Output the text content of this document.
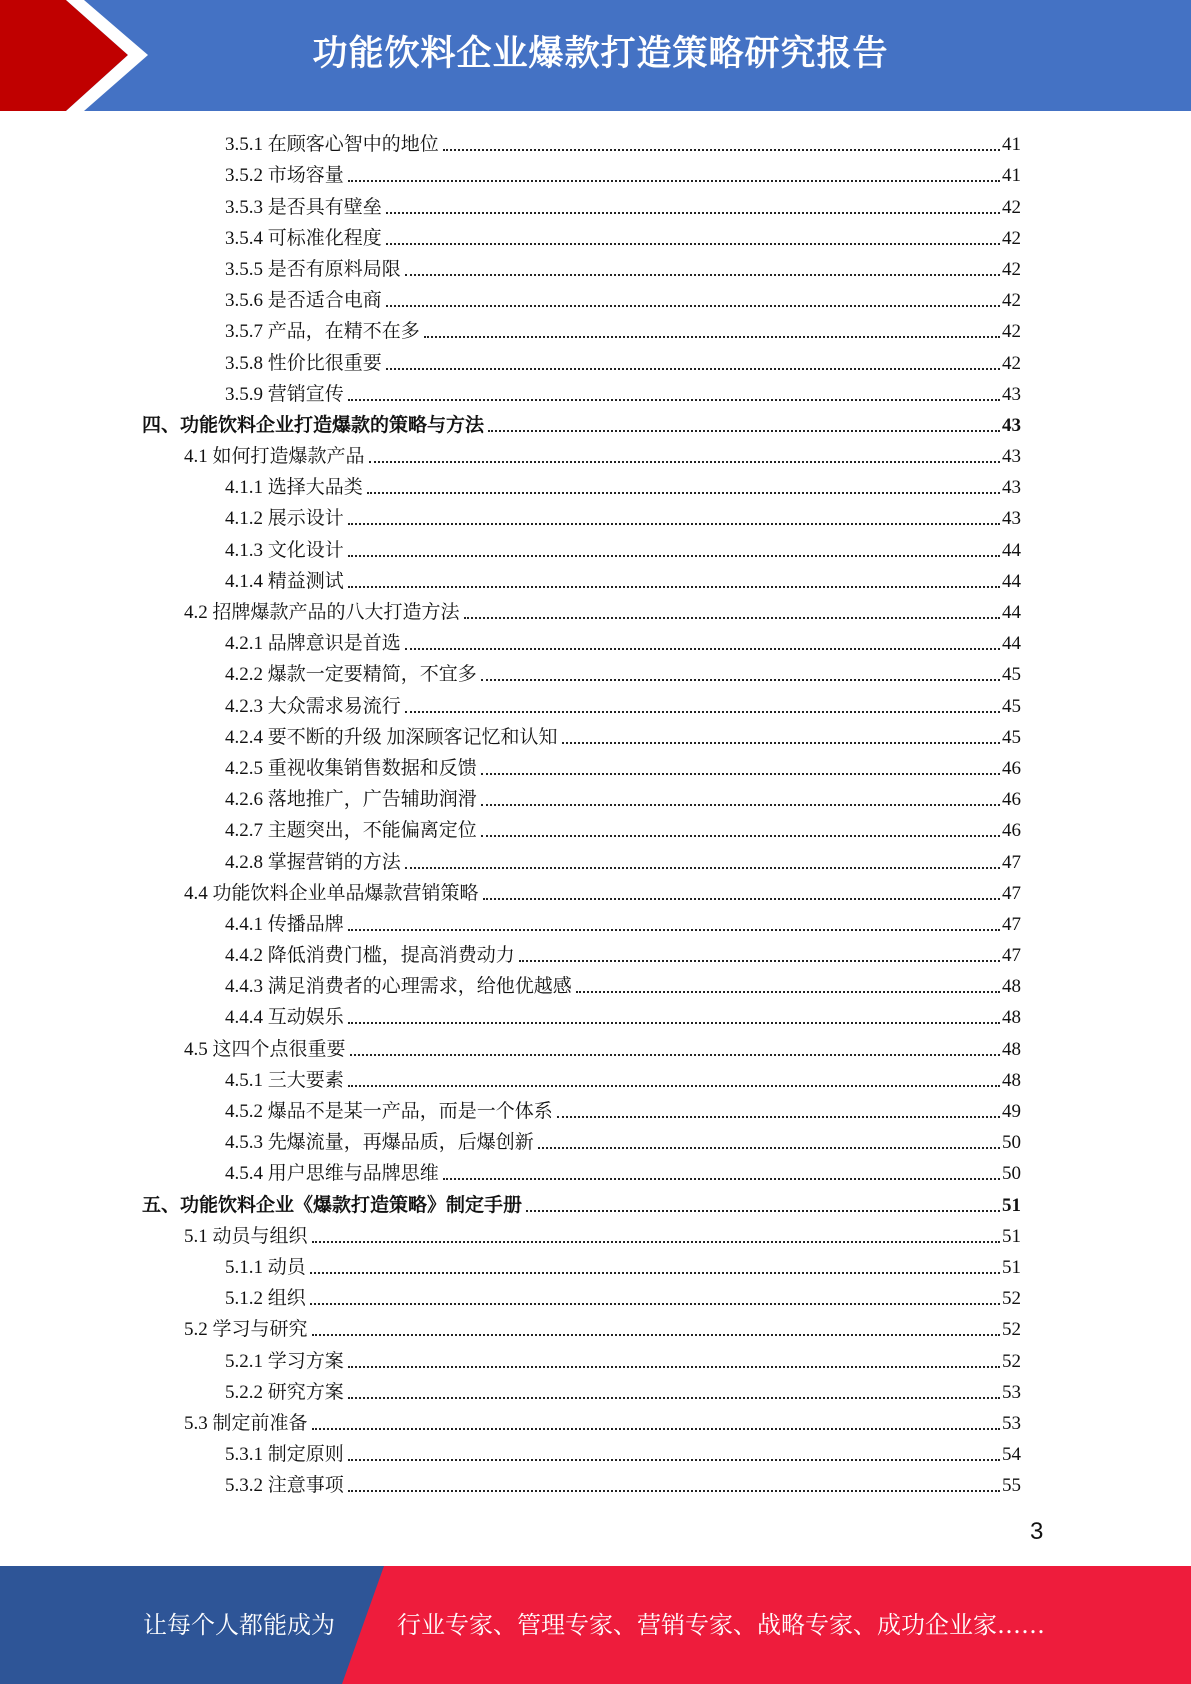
功能饮料企业爆款打造策略研究报告
3.5.1 在顾客心智中的地位	41
3.5.2 市场容量	41
3.5.3 是否具有壁垒	42
3.5.4 可标准化程度	42
3.5.5 是否有原料局限	42
3.5.6 是否适合电商	42
3.5.7 产品，在精不在多	42
3.5.8 性价比很重要	42
3.5.9 营销宣传	43
四、功能饮料企业打造爆款的策略与方法	43
4.1 如何打造爆款产品	43
4.1.1 选择大品类	43
4.1.2 展示设计	43
4.1.3 文化设计	44
4.1.4 精益测试	44
4.2 招牌爆款产品的八大打造方法	44
4.2.1 品牌意识是首选	44
4.2.2 爆款一定要精简，不宜多	45
4.2.3 大众需求易流行	45
4.2.4 要不断的升级 加深顾客记忆和认知	45
4.2.5 重视收集销售数据和反馈	46
4.2.6 落地推广，广告辅助润滑	46
4.2.7 主题突出，不能偏离定位	46
4.2.8 掌握营销的方法	47
4.4 功能饮料企业单品爆款营销策略	47
4.4.1 传播品牌	47
4.4.2 降低消费门槛，提高消费动力	47
4.4.3 满足消费者的心理需求，给他优越感	48
4.4.4 互动娱乐	48
4.5 这四个点很重要	48
4.5.1 三大要素	48
4.5.2 爆品不是某一产品，而是一个体系	49
4.5.3 先爆流量，再爆品质，后爆创新	50
4.5.4 用户思维与品牌思维	50
五、功能饮料企业《爆款打造策略》制定手册	51
5.1 动员与组织	51
5.1.1 动员	51
5.1.2 组织	52
5.2 学习与研究	52
5.2.1 学习方案	52
5.2.2 研究方案	53
5.3 制定前准备	53
5.3.1 制定原则	54
5.3.2 注意事项	55
3
让每个人都能成为	行业专家、管理专家、营销专家、战略专家、成功企业家……
